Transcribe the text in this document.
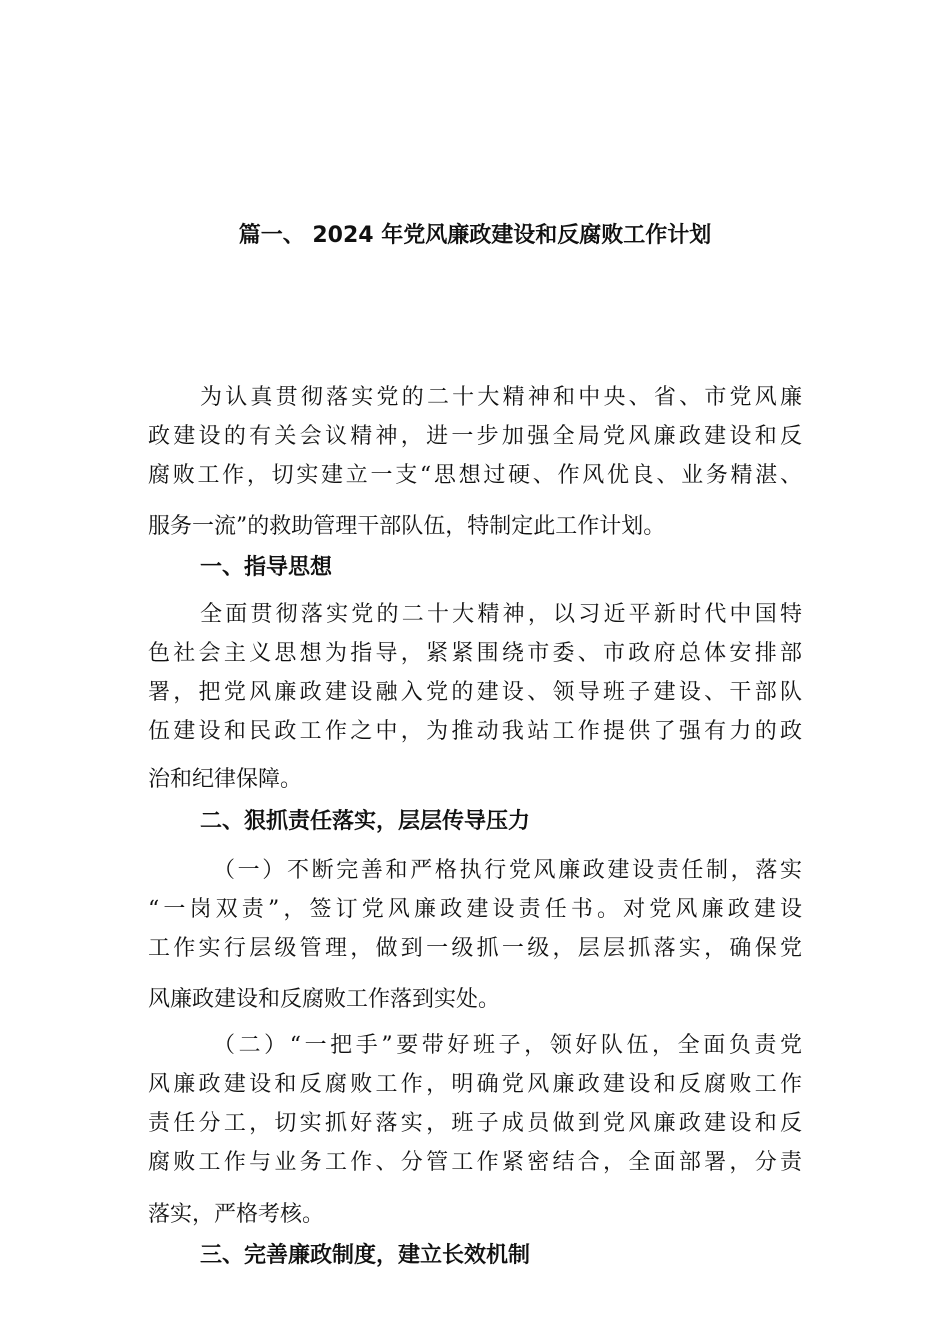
篇一、 2024 年党风廉政建设和反腐败工作计划

为认真贯彻落实党的二十大精神和中央、省、市党风廉

政建设的有关会议精神，进一步加强全局党风廉政建设和反

腐败工作，切实建立一支“思想过硬、作风优良、业务精湛、

服务一流”的救助管理干部队伍，特制定此工作计划。

一、指导思想

全面贯彻落实党的二十大精神，以习近平新时代中国特

色社会主义思想为指导，紧紧围绕市委、市政府总体安排部

署，把党风廉政建设融入党的建设、领导班子建设、干部队

伍建设和民政工作之中，为推动我站工作提供了强有力的政

治和纪律保障。

二、狠抓责任落实，层层传导压力

（一）不断完善和严格执行党风廉政建设责任制，落实

“一岗双责”，签订党风廉政建设责任书。对党风廉政建设

工作实行层级管理，做到一级抓一级，层层抓落实，确保党

风廉政建设和反腐败工作落到实处。

（二）“一把手”要带好班子，领好队伍，全面负责党

风廉政建设和反腐败工作，明确党风廉政建设和反腐败工作

责任分工，切实抓好落实，班子成员做到党风廉政建设和反

腐败工作与业务工作、分管工作紧密结合，全面部署，分责

落实，严格考核。

三、完善廉政制度，建立长效机制
